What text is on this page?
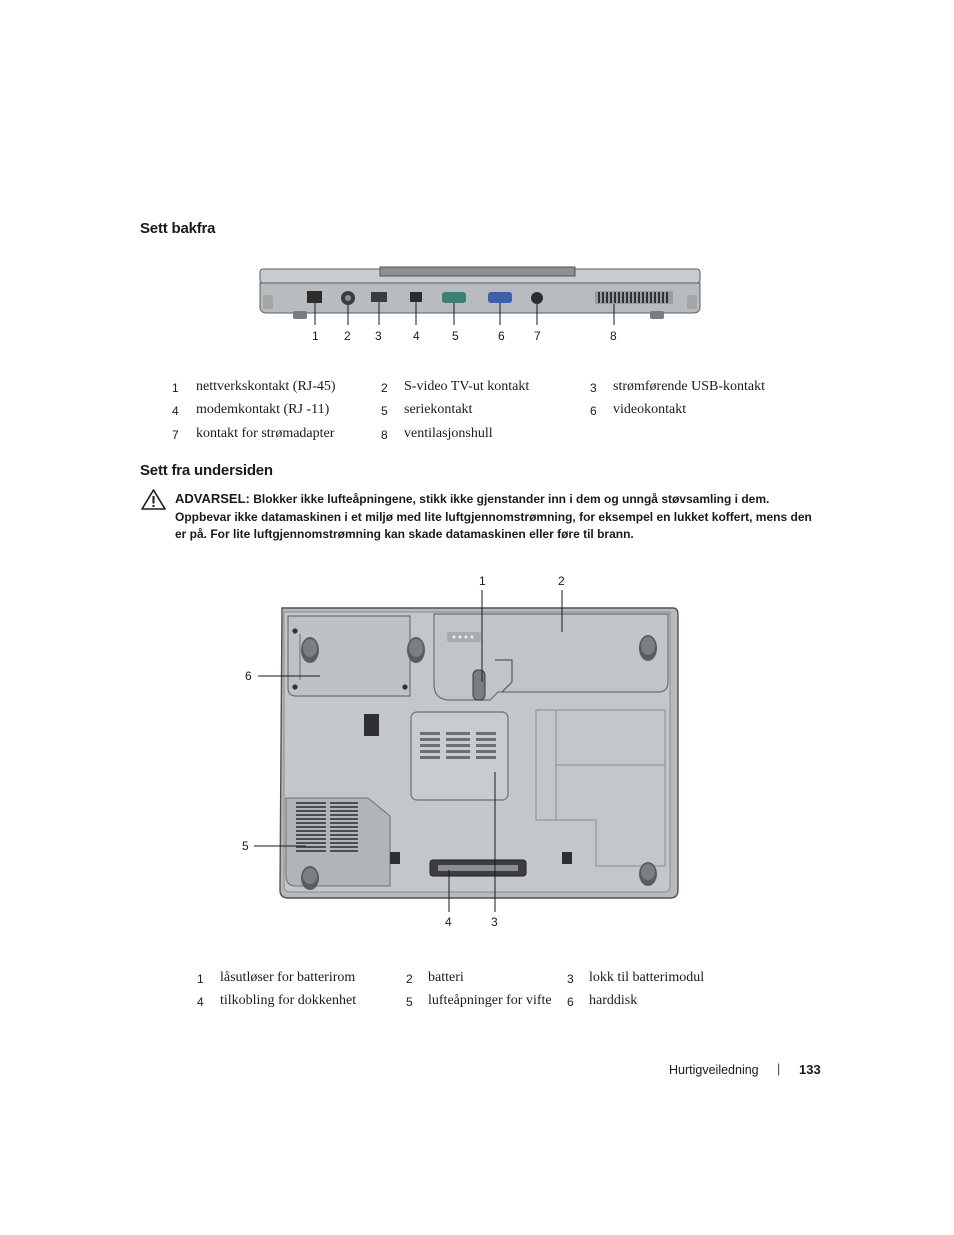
Sett bakfra
1 2 3	4	5	6 7	8
1 nettverkskontakt (RJ-45)	2 S-video TV-ut kontakt	3 strømførende USB-kontakt
4 modemkontakt (RJ -11)	5 seriekontakt	6 videokontakt
7 kontakt for strømadapter	8 ventilasjonshull
Sett fra undersiden
ADVARSEL: Blokker ikke lufteåpningene, stikk ikke gjenstander inn i dem og unngå støvsamling i dem.
Oppbevar ikke datamaskinen i et miljø med lite luftgjennomstrømning, for eksempel en lukket koffert, mens den
er på. For lite luftgjennomstrømning kan skade datamaskinen eller føre til brann.
1	2
6
5
4	3
1 låsutløser for batterirom	2 batteri	3 lokk til batterimodul
4 tilkobling for dokkenhet	5 lufteåpninger for vifte 6 harddisk
Hurtigveiledning | 133
